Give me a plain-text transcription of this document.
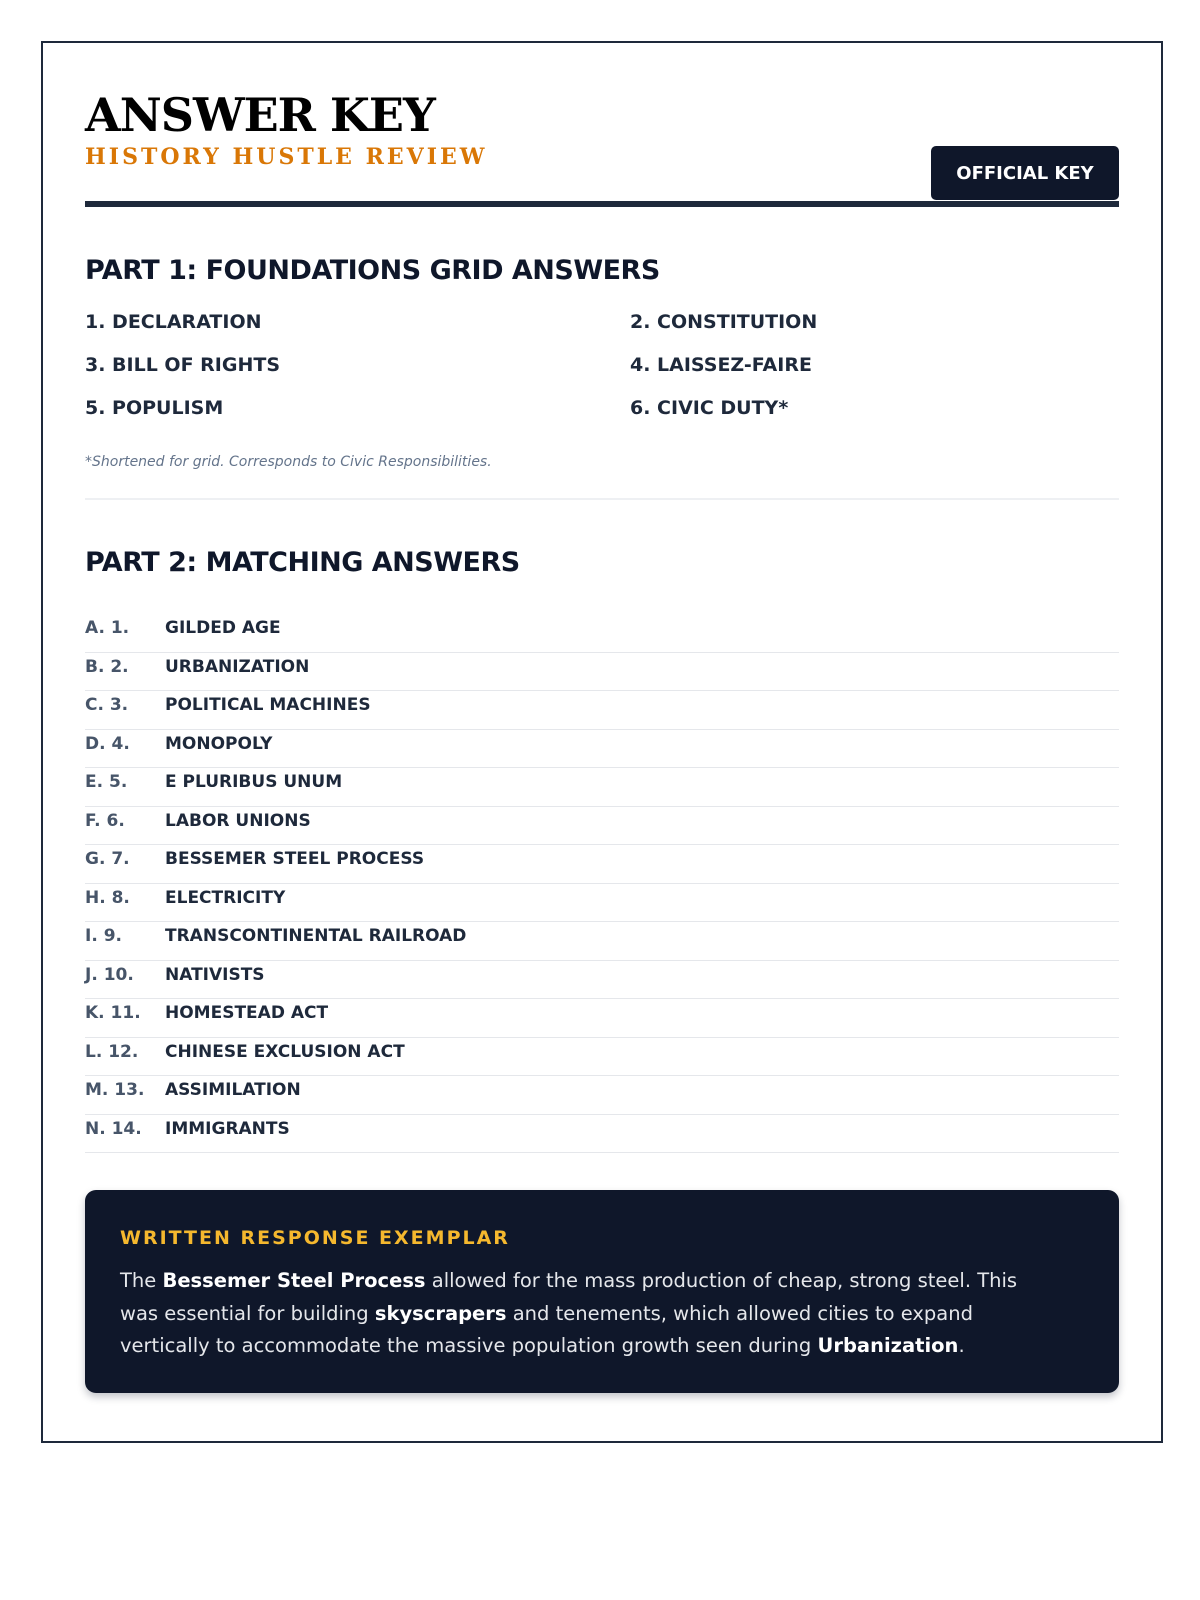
ANSWER KEY
HISTORY HUSTLE REVIEW
OFFICIAL KEY
PART 1: FOUNDATIONS GRID ANSWERS
1. DECLARATION	2. CONSTITUTION
3. BILL OF RIGHTS	4. LAISSEZ-FAIRE
5. POPULISM	6. CIVIC DUTY*
*Shortened for grid. Corresponds to Civic Responsibilities.
PART 2: MATCHING ANSWERS
A. 1. GILDED AGE
B. 2. URBANIZATION
C. 3. POLITICAL MACHINES
D. 4. MONOPOLY
E. 5. E PLURIBUS UNUM
F. 6. LABOR UNIONS
G. 7. BESSEMER STEEL PROCESS
H. 8. ELECTRICITY
I. 9.	TRANSCONTINENTAL RAILROAD
J. 10. NATIVISTS
K. 11. HOMESTEAD ACT
L. 12. CHINESE EXCLUSION ACT
M. 13. ASSIMILATION
N. 14. IMMIGRANTS
WRITTEN RESPONSE EXEMPLAR

The Bessemer Steel Process allowed for the mass production of cheap, strong steel. This was essential for building skyscrapers and tenements, which allowed cities to expand vertically to accommodate the massive population growth seen during Urbanization.
